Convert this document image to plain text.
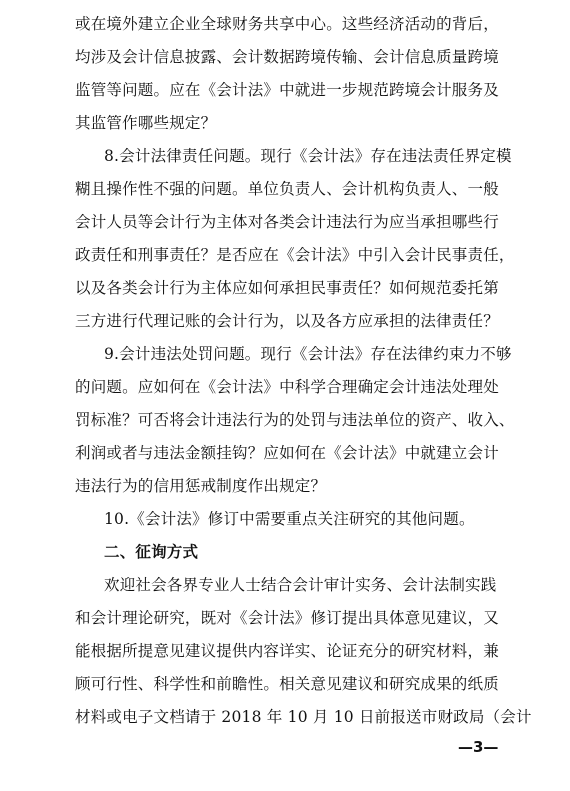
或在境外建立企业全球财务共享中心。这些经济活动的背后，
均涉及会计信息披露、会计数据跨境传输、会计信息质量跨境
监管等问题。应在《会计法》中就进一步规范跨境会计服务及
其监管作哪些规定？
8.会计法律责任问题。现行《会计法》存在违法责任界定模
糊且操作性不强的问题。单位负责人、会计机构负责人、一般
会计人员等会计行为主体对各类会计违法行为应当承担哪些行
政责任和刑事责任？是否应在《会计法》中引入会计民事责任，
以及各类会计行为主体应如何承担民事责任？如何规范委托第
三方进行代理记账的会计行为，以及各方应承担的法律责任？
9.会计违法处罚问题。现行《会计法》存在法律约束力不够
的问题。应如何在《会计法》中科学合理确定会计违法处理处
罚标准？可否将会计违法行为的处罚与违法单位的资产、收入、
利润或者与违法金额挂钩？应如何在《会计法》中就建立会计
违法行为的信用惩戒制度作出规定？
10.《会计法》修订中需要重点关注研究的其他问题。
二、征询方式
欢迎社会各界专业人士结合会计审计实务、会计法制实践
和会计理论研究，既对《会计法》修订提出具体意见建议，又
能根据所提意见建议提供内容详实、论证充分的研究材料，兼
顾可行性、科学性和前瞻性。相关意见建议和研究成果的纸质
材料或电子文档请于 2018 年 10 月 10 日前报送市财政局（会计
—3—
